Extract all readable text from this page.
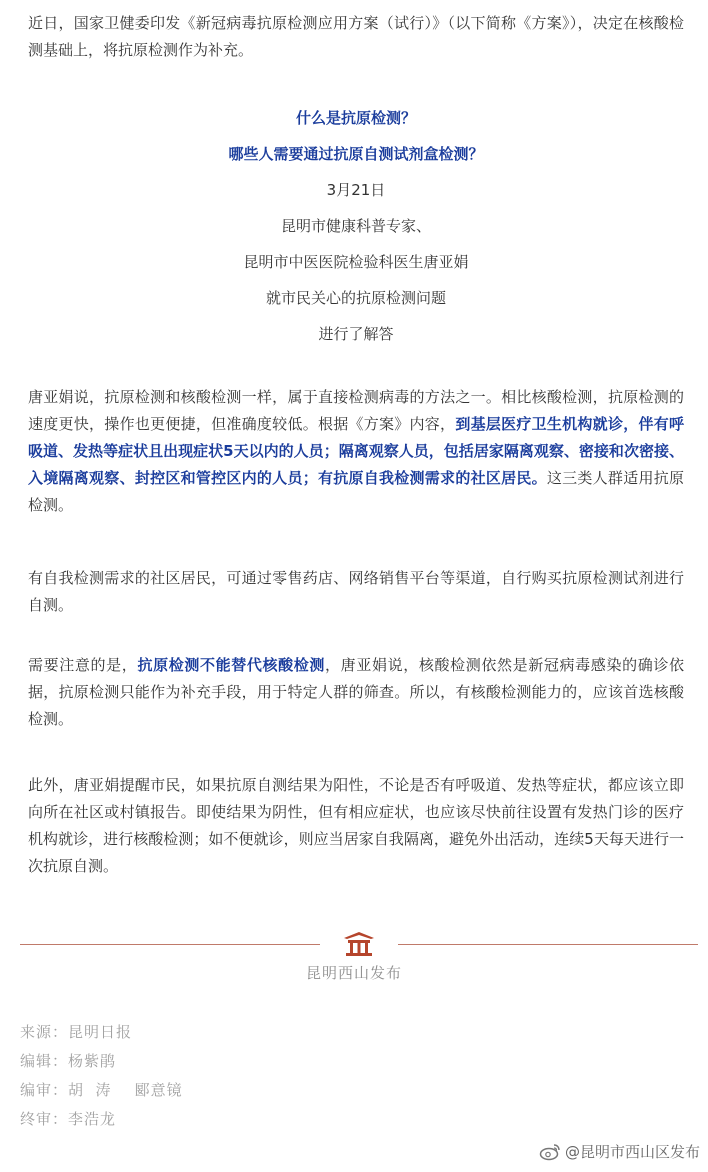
近日，国家卫健委印发《新冠病毒抗原检测应用方案（试行）》（以下简称《方案》），决定在核酸检测基础上，将抗原检测作为补充。

什么是抗原检测？
哪些人需要通过抗原自测试剂盒检测？
3月21日
昆明市健康科普专家、
昆明市中医医院检验科医生唐亚娟
就市民关心的抗原检测问题
进行了解答

唐亚娟说，抗原检测和核酸检测一样，属于直接检测病毒的方法之一。相比核酸检测，抗原检测的速度更快，操作也更便捷，但准确度较低。根据《方案》内容，到基层医疗卫生机构就诊，伴有呼吸道、发热等症状且出现症状5天以内的人员；隔离观察人员，包括居家隔离观察、密接和次密接、入境隔离观察、封控区和管控区内的人员；有抗原自我检测需求的社区居民。这三类人群适用抗原检测。

有自我检测需求的社区居民，可通过零售药店、网络销售平台等渠道，自行购买抗原检测试剂进行自测。

需要注意的是，抗原检测不能替代核酸检测，唐亚娟说，核酸检测依然是新冠病毒感染的确诊依据，抗原检测只能作为补充手段，用于特定人群的筛查。所以，有核酸检测能力的，应该首选核酸检测。

此外，唐亚娟提醒市民，如果抗原自测结果为阳性，不论是否有呼吸道、发热等症状，都应该立即向所在社区或村镇报告。即使结果为阴性，但有相应症状，也应该尽快前往设置有发热门诊的医疗机构就诊，进行核酸检测；如不便就诊，则应当居家自我隔离，避免外出活动，连续5天每天进行一次抗原自测。

昆明西山发布
来源：昆明日报
编辑：杨紫鹃
编审：胡  涛    郾意镜
终审：李浩龙
@昆明市西山区发布
